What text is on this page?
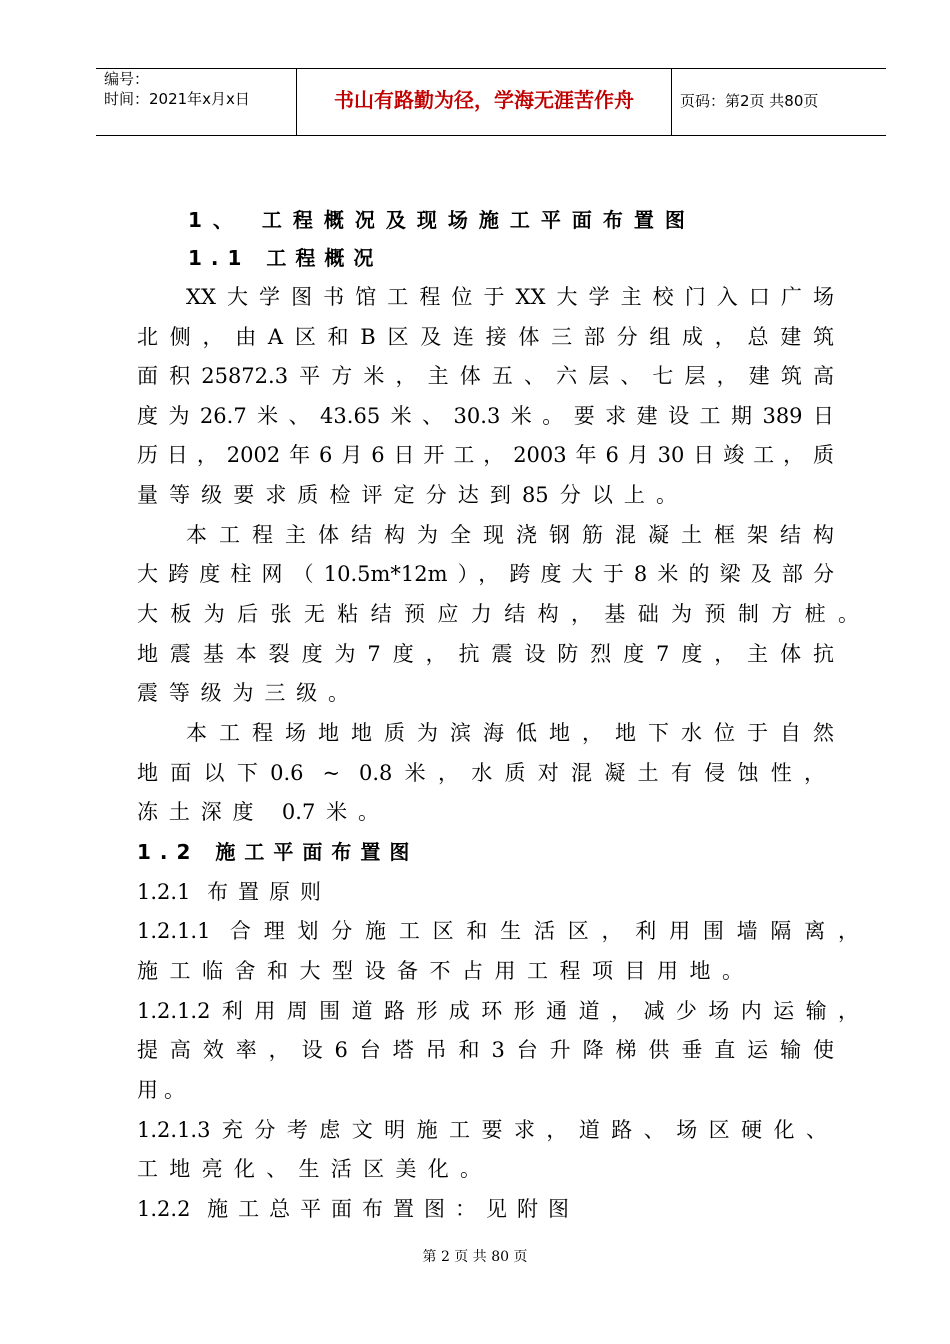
编号：
时间：2021年x月x日	书山有路勤为径，学海无涯苦作舟	页码：第2页 共80页
1、 工程概况及现场施工平面布置图
1.1 工程概况
XX大学图书馆工程位于XX大学主校门入口广场
北侧，由A区和B区及连接体三部分组成，总建筑
面积25872.3平方米，主体五、六层、七层，建筑高
度为26.7米、43.65米、30.3米。要求建设工期389日
历日，2002年6月6日开工，2003年6月30日竣工，质
量等级要求质检评定分达到85分以上。
本工程主体结构为全现浇钢筋混凝土框架结构
大跨度柱网（10.5m*12m），跨度大于8米的梁及部分
大板为后张无粘结预应力结构，基础为预制方桩。
地震基本裂度为7度，抗震设防烈度7度，主体抗
震等级为三级。
本工程场地地质为滨海低地，地下水位于自然
地面以下0.6 ~ 0.8米，水质对混凝土有侵蚀性，
冻土深度 0.7米。
1.2 施工平面布置图
1.2.1 布置原则
1.2.1.1 合理划分施工区和生活区，利用围墙隔离，
施工临舍和大型设备不占用工程项目用地。
1.2.1.2利用周围道路形成环形通道，减少场内运输，
提高效率，设6台塔吊和3台升降梯供垂直运输使
用。
1.2.1.3充分考虑文明施工要求，道路、场区硬化、
工地亮化、生活区美化。
1.2.2 施工总平面布置图：见附图
第 2 页 共 80 页
